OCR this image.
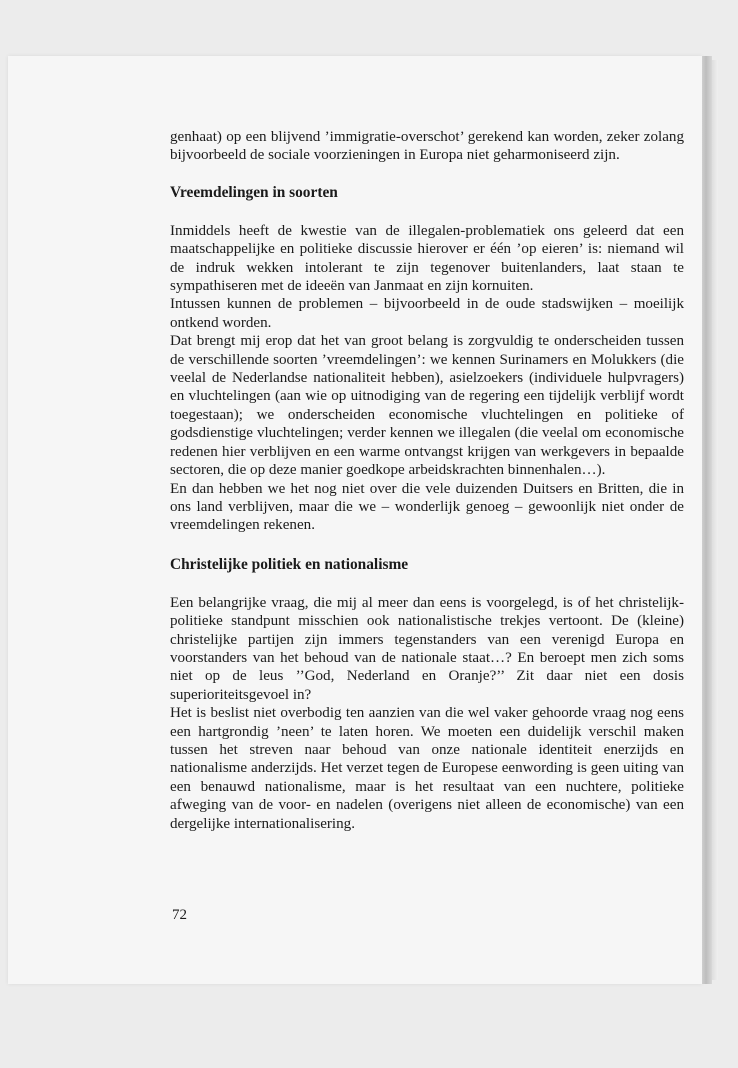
genhaat) op een blijvend ’immigratie-overschot’ gerekend kan worden, zeker zolang bijvoorbeeld de sociale voorzieningen in Europa niet geharmoniseerd zijn.

Vreemdelingen in soorten

Inmiddels heeft de kwestie van de illegalen-problematiek ons geleerd dat een maatschappelijke en politieke discussie hierover er één ’op eieren’ is: niemand wil de indruk wekken intolerant te zijn tegenover buitenlanders, laat staan te sympathiseren met de ideeën van Janmaat en zijn kornuiten.

Intussen kunnen de problemen – bijvoorbeeld in de oude stadswijken – moeilijk ontkend worden.

Dat brengt mij erop dat het van groot belang is zorgvuldig te onderscheiden tussen de verschillende soorten ’vreemdelingen’: we kennen Surinamers en Molukkers (die veelal de Nederlandse nationaliteit hebben), asielzoekers (individuele hulpvragers) en vluchtelingen (aan wie op uitnodiging van de regering een tijdelijk verblijf wordt toegestaan); we onderscheiden economische vluchtelingen en politieke of godsdienstige vluchtelingen; verder kennen we illegalen (die veelal om economische redenen hier verblijven en een warme ontvangst krijgen van werkgevers in bepaalde sectoren, die op deze manier goedkope arbeidskrachten binnenhalen…).

En dan hebben we het nog niet over die vele duizenden Duitsers en Britten, die in ons land verblijven, maar die we – wonderlijk genoeg – gewoonlijk niet onder de vreemdelingen rekenen.

Christelijke politiek en nationalisme

Een belangrijke vraag, die mij al meer dan eens is voorgelegd, is of het christelijk-politieke standpunt misschien ook nationalistische trekjes vertoont. De (kleine) christelijke partijen zijn immers tegenstanders van een verenigd Europa en voorstanders van het behoud van de nationale staat…? En beroept men zich soms niet op de leus ’’God, Nederland en Oranje?’’ Zit daar niet een dosis superioriteitsgevoel in?

Het is beslist niet overbodig ten aanzien van die wel vaker gehoorde vraag nog eens een hartgrondig ’neen’ te laten horen. We moeten een duidelijk verschil maken tussen het streven naar behoud van onze nationale identiteit enerzijds en nationalisme anderzijds. Het verzet tegen de Europese eenwording is geen uiting van een benauwd nationalisme, maar is het resultaat van een nuchtere, politieke afweging van de voor- en nadelen (overigens niet alleen de economische) van een dergelijke internationalisering.

72
